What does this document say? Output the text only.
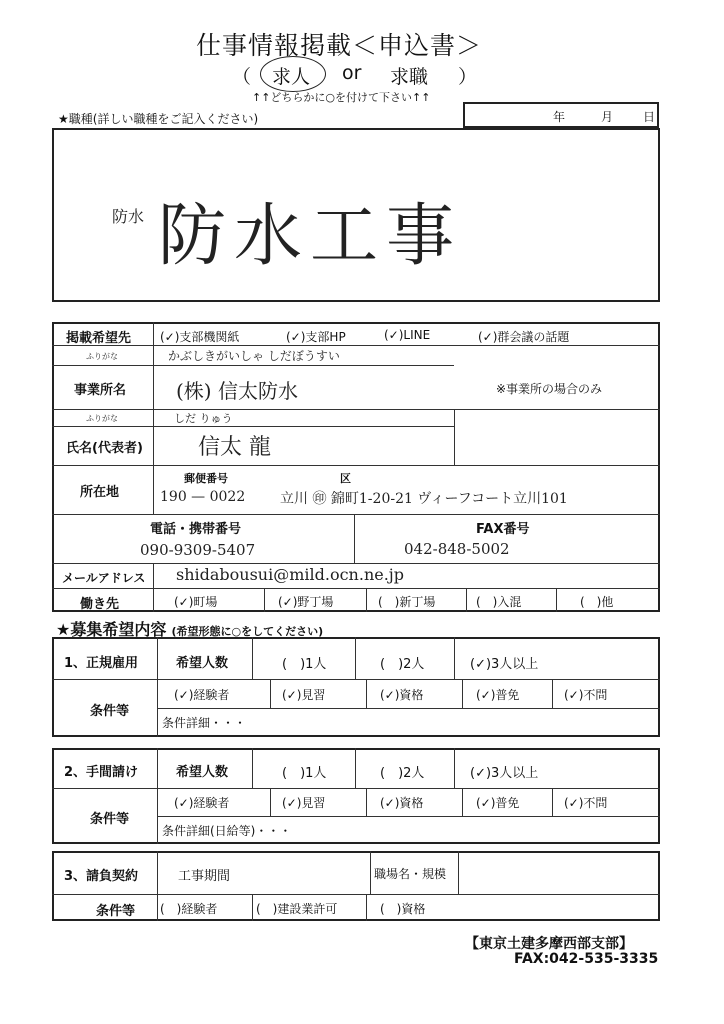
仕事情報掲載＜申込書＞
（ 求人 or 求職 ）
↑↑どちらかに○を付けて下さい↑↑
★職種(詳しい職種をご記入ください)	年	月 日
防水 防水工事
掲載希望先 (✓)支部機関紙	(✓)支部HP	(✓)LINE	(✓)群会議の話題
ふりがな	かぶしきがいしゃ しだぼうすい
事業所名 (株) 信太防水	※事業所の場合のみ
ふりがな	しだ りゅう
氏名(代表者)	信太 龍
郵便番号	区
所在地	190 — 0022 立川 ㊞ 錦町1-20-21 ヴィーフコート立川101
電話・携帯番号	FAX番号
090-9309-5407	042-848-5002
メールアドレス shidabousui@mild.ocn.ne.jp
働き先	(✓)町場	(✓)野丁場	(　)新丁場	(　)入混	(　)他
★募集希望内容 (希望形態に○をしてください)
1、正規雇用	希望人数	(　)1人	(　)2人	(✓)3人以上
条件等
(✓)経験者	(✓)見習	(✓)資格	(✓)普免	(✓)不問
条件詳細・・・
2、手間請け	希望人数	(　)1人	(　)2人	(✓)3人以上
条件等
(✓)経験者	(✓)見習	(✓)資格	(✓)普免	(✓)不問
条件詳細(日給等)・・・
3、請負契約	工事期間	職場名・規模
条件等 (　)経験者	(　)建設業許可	(　)資格
【東京土建多摩西部支部】
FAX:042-535-3335
